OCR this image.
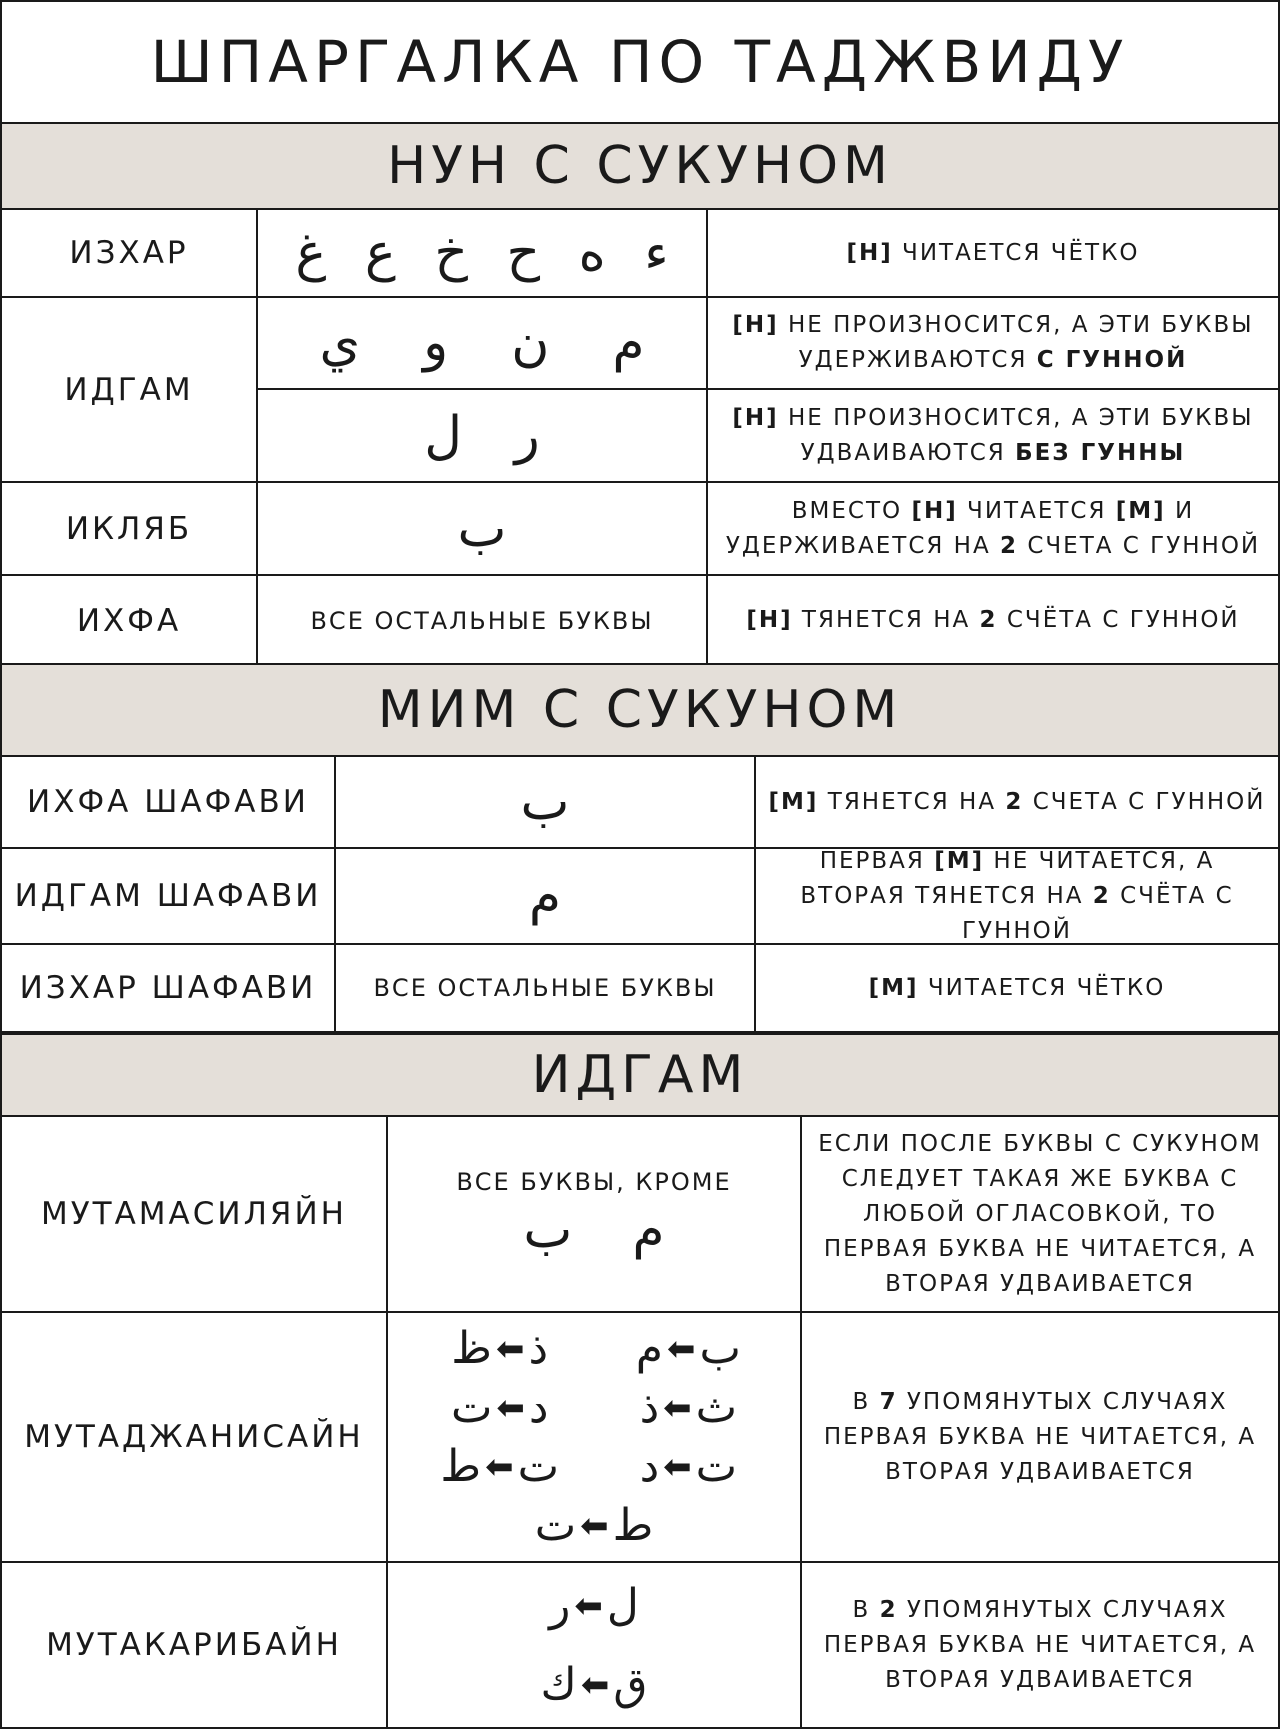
ШПАРГАЛКА ПО ТАДЖВИДУ
НУН С СУКУНОМ
ИЗХАР
ИДГАМ
ИКЛЯБ
ИХФА
ء
ه
ح
خ
ع
غ
م
ن
و
ي
ر
ل
ب
ВСЕ ОСТАЛЬНЫЕ БУКВЫ
[Н] ЧИТАЕТСЯ ЧЁТКО
[Н] НЕ ПРОИЗНОСИТСЯ, А ЭТИ БУКВЫ УДЕРЖИВАЮТСЯ С ГУННОЙ
[Н] НЕ ПРОИЗНОСИТСЯ, А ЭТИ БУКВЫ УДВАИВАЮТСЯ БЕЗ ГУННЫ
ВМЕСТО [Н] ЧИТАЕТСЯ [М] И УДЕРЖИВАЕТСЯ НА 2 СЧЕТА С ГУННОЙ
[Н] ТЯНЕТСЯ НА 2 СЧЁТА С ГУННОЙ
МИМ С СУКУНОМ
ИХФА ШАФАВИ
ИДГАМ ШАФАВИ
ИЗХАР ШАФАВИ
ب
م
ВСЕ ОСТАЛЬНЫЕ БУКВЫ
[М] ТЯНЕТСЯ НА 2 СЧЕТА С ГУННОЙ
ПЕРВАЯ [М] НЕ ЧИТАЕТСЯ, А ВТОРАЯ ТЯНЕТСЯ НА 2 СЧЁТА С ГУННОЙ
[М] ЧИТАЕТСЯ ЧЁТКО
ИДГАМ
МУТАМАСИЛЯЙН
МУТАДЖАНИСАЙН
МУТАКАРИБАЙН
ВСЕ БУКВЫ, КРОМЕ
م
ب
ب
⬅
م
ذ
⬅
ظ
ث
⬅
ذ
د
⬅
ت
ت
⬅
د
ت
⬅
ط
ط
⬅
ت
ل
⬅
ر
ق
⬅
ك
ЕСЛИ ПОСЛЕ БУКВЫ С СУКУНОМ СЛЕДУЕТ ТАКАЯ ЖЕ БУКВА С ЛЮБОЙ ОГЛАСОВКОЙ, ТО ПЕРВАЯ БУКВА НЕ ЧИТАЕТСЯ, А ВТОРАЯ УДВАИВАЕТСЯ
В 7 УПОМЯНУТЫХ СЛУЧАЯХ ПЕРВАЯ БУКВА НЕ ЧИТАЕТСЯ, А ВТОРАЯ УДВАИВАЕТСЯ
В 2 УПОМЯНУТЫХ СЛУЧАЯХ ПЕРВАЯ БУКВА НЕ ЧИТАЕТСЯ, А ВТОРАЯ УДВАИВАЕТСЯ
